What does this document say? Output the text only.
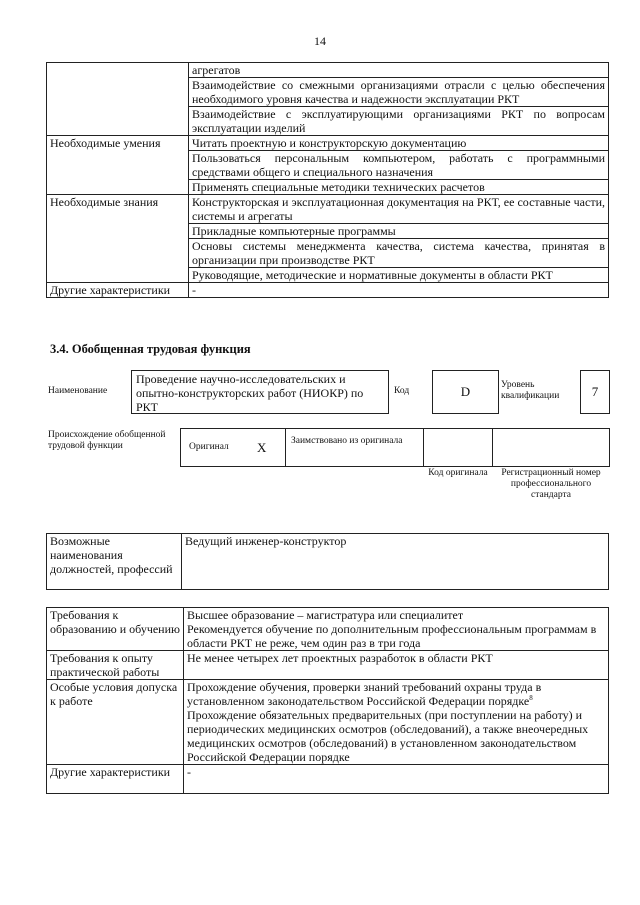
14
	агрегатов
	Взаимодействие со смежными организациями отрасли с целью обеспечения необходимого уровня качества и надежности эксплуатации РКТ
	Взаимодействие с эксплуатирующими организациями РКТ по вопросам эксплуатации изделий
Необходимые умения	Читать проектную и конструкторскую документацию
	Пользоваться персональным компьютером, работать с программными средствами общего и специального назначения
	Применять специальные методики технических расчетов
Необходимые знания	Конструкторская и эксплуатационная документация на РКТ, ее составные части, системы и агрегаты
	Прикладные компьютерные программы
	Основы системы менеджмента качества, система качества, принятая в организации при производстве РКТ
	Руководящие, методические и нормативные документы в области РКТ
Другие характеристики	-
3.4. Обобщенная трудовая функция
Наименование
Проведение научно-исследовательских и опытно-конструкторских работ (НИОКР) по РКТ
Код	D	Уровень квалификации	7
Происхождение обобщенной трудовой функции	Оригинал X	Заимствовано из оригинала
Код оригинала	Регистрационный номер профессионального стандарта
Возможные наименования должностей, профессий	Ведущий инженер-конструктор
Требования к образованию и обучению	Высшее образование – магистратура или специалитет
Рекомендуется обучение по дополнительным профессиональным программам в области РКТ не реже, чем один раз в три года

Требования к опыту практической работы	Не менее четырех лет проектных разработок в области РКТ
Особые условия допуска к работе	Прохождение обучения, проверки знаний требований охраны труда в установленном законодательством Российской Федерации порядке$^8$
Прохождение обязательных предварительных (при поступлении на работу) и периодических медицинских осмотров (обследований), а также внеочередных медицинских осмотров (обследований) в установленном законодательством Российской Федерации порядке

Другие характеристики	-
